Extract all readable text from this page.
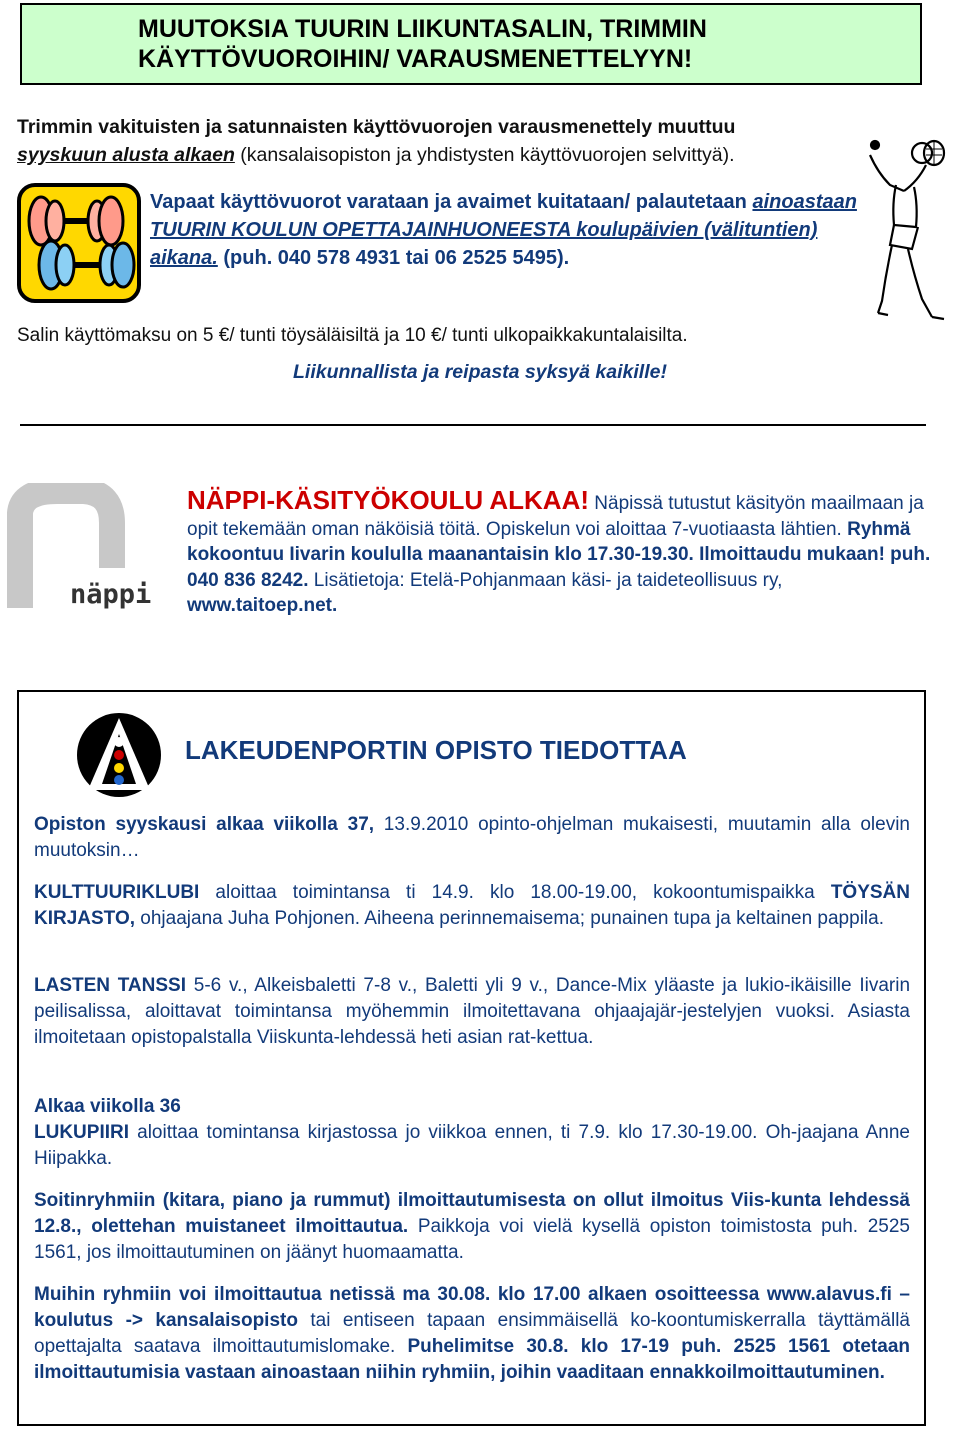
MUUTOKSIA TUURIN LIIKUNTASALIN, TRIMMIN
KÄYTTÖVUOROIHIN/ VARAUSMENETTELYYN!
Trimmin vakituisten ja satunnaisten käyttövuorojen varausmenettely muuttuu
syyskuun alusta alkaen (kansalaisopiston ja yhdistysten käyttövuorojen selvittyä).
Vapaat käyttövuorot varataan ja avaimet kuitataan/ palautetaan ainoastaan TUURIN KOULUN OPETTAJAINHUONEESTA koulupäivien (välituntien) aikana. (puh. 040 578 4931 tai 06 2525 5495).
Salin käyttömaksu on 5 €/ tunti töysäläisiltä ja 10 €/ tunti ulkopaikkakuntalaisilta.
Liikunnallista ja reipasta syksyä kaikille!
näppi
NÄPPI-KÄSITYÖKOULU ALKAA! Näpissä tutustut käsityön maailmaan ja opit tekemään oman näköisiä töitä. Opiskelun voi aloittaa 7-vuotiaasta lähtien. Ryhmä kokoontuu Iivarin koululla maanantaisin klo 17.30-19.30. Ilmoittaudu mukaan! puh. 040 836 8242. Lisätietoja: Etelä-Pohjanmaan käsi- ja taideteollisuus ry, www.taitoep.net.
LAKEUDENPORTIN OPISTO TIEDOTTAA
Opiston syyskausi alkaa viikolla 37, 13.9.2010 opinto-ohjelman mukaisesti, muutamin alla olevin muutoksin…
KULTTUURIKLUBI aloittaa toimintansa ti 14.9. klo 18.00-19.00, kokoontumispaikka TÖYSÄN KIRJASTO, ohjaajana Juha Pohjonen. Aiheena perinnemaisema; punainen tupa ja keltainen pappila.
LASTEN TANSSI 5-6 v., Alkeisbaletti 7-8 v., Baletti yli 9 v., Dance-Mix yläaste ja lukio-ikäisille Iivarin peilisalissa, aloittavat toimintansa myöhemmin ilmoitettavana ohjaajajär-jestelyjen vuoksi. Asiasta ilmoitetaan opistopalstalla Viiskunta-lehdessä heti asian rat-kettua.
Alkaa viikolla 36
LUKUPIIRI aloittaa tomintansa kirjastossa jo viikkoa ennen, ti 7.9. klo 17.30-19.00. Oh-jaajana Anne Hiipakka.
Soitinryhmiin (kitara, piano ja rummut) ilmoittautumisesta on ollut ilmoitus Viis-kunta lehdessä 12.8., olettehan muistaneet ilmoittautua. Paikkoja voi vielä kysellä opiston toimistosta puh. 2525 1561, jos ilmoittautuminen on jäänyt huomaamatta.
Muihin ryhmiin voi ilmoittautua netissä ma 30.08. klo 17.00 alkaen osoitteessa www.alavus.fi – koulutus -> kansalaisopisto tai entiseen tapaan ensimmäisellä ko-koontumiskerralla täyttämällä opettajalta saatava ilmoittautumislomake. Puhelimitse 30.8. klo 17-19 puh. 2525 1561 otetaan ilmoittautumisia vastaan ainoastaan niihin ryhmiin, joihin vaaditaan ennakkoilmoittautuminen.
